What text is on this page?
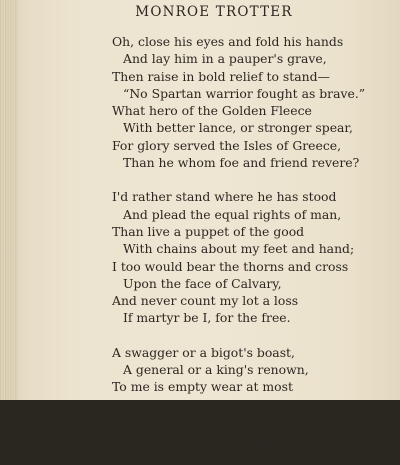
MONROE TROTTER
Oh, close his eyes and fold his hands
And lay him in a pauper's grave,
Then raise in bold relief to stand—
“No Spartan warrior fought as brave.”
What hero of the Golden Fleece
With better lance, or stronger spear,
For glory served the Isles of Greece,
Than he whom foe and friend revere?
I'd rather stand where he has stood
And plead the equal rights of man,
Than live a puppet of the good
With chains about my feet and hand;
I too would bear the thorns and cross
Upon the face of Calvary,
And never count my lot a loss
If martyr be I, for the free.
A swagger or a bigot's boast,
A general or a king's renown,
To me is empty wear at most
Though each be honored with a crown;
Give me the man who stands alone
Bereft of armies at his back,
